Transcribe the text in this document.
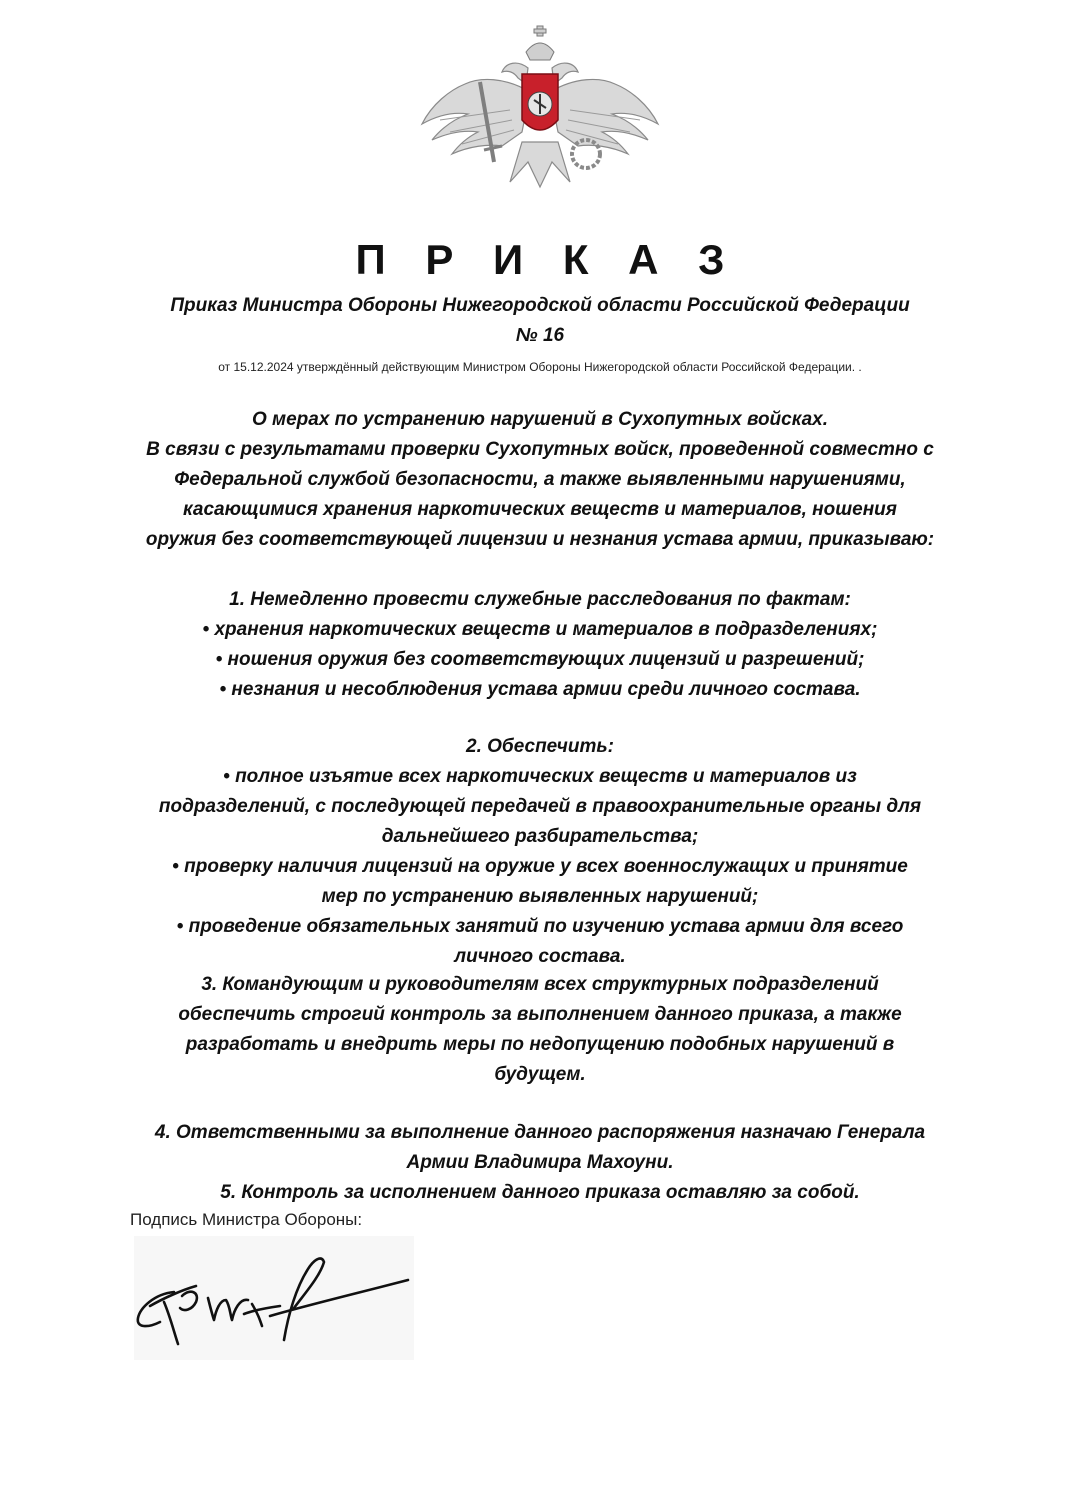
П Р И К А З
Приказ Министра Обороны Нижегородской области Российской Федерации
№ 16
от 15.12.2024 утверждённый действующим Министром Обороны Нижегородской области Российской Федерации. .
О мерах по устранению нарушений в Сухопутных войсках.
В связи с результатами проверки Сухопутных войск, проведенной совместно с
Федеральной службой безопасности, а также выявленными нарушениями,
касающимися хранения наркотических веществ и материалов, ношения
оружия без соответствующей лицензии и незнания устава армии, приказываю:
1. Немедленно провести служебные расследования по фактам:
• хранения наркотических веществ и материалов в подразделениях;
• ношения оружия без соответствующих лицензий и разрешений;
• незнания и несоблюдения устава армии среди личного состава.
2. Обеспечить:
• полное изъятие всех наркотических веществ и материалов из
подразделений, с последующей передачей в правоохранительные органы для
дальнейшего разбирательства;
• проверку наличия лицензий на оружие у всех военнослужащих и принятие
мер по устранению выявленных нарушений;
• проведение обязательных занятий по изучению устава армии для всего
личного состава.
3. Командующим и руководителям всех структурных подразделений
обеспечить строгий контроль за выполнением данного приказа, а также
разработать и внедрить меры по недопущению подобных нарушений в
будущем.
4. Ответственными за выполнение данного распоряжения назначаю Генерала
Армии Владимира Махоуни.
5. Контроль за исполнением данного приказа оставляю за собой.
Подпись Министра Обороны:
